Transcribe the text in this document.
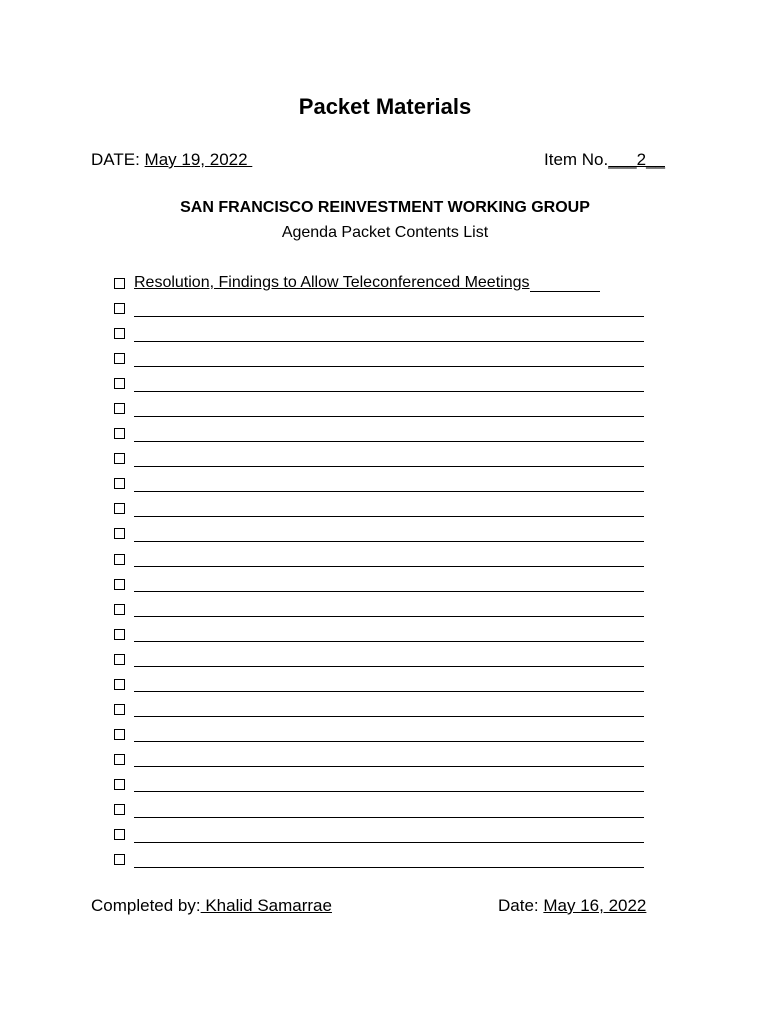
Packet Materials
DATE: May 19, 2022	Item No.___2__
SAN FRANCISCO REINVESTMENT WORKING GROUP
Agenda Packet Contents List
Resolution, Findings to Allow Teleconferenced Meetings
Completed by: Khalid Samarrae	Date: May 16, 2022
